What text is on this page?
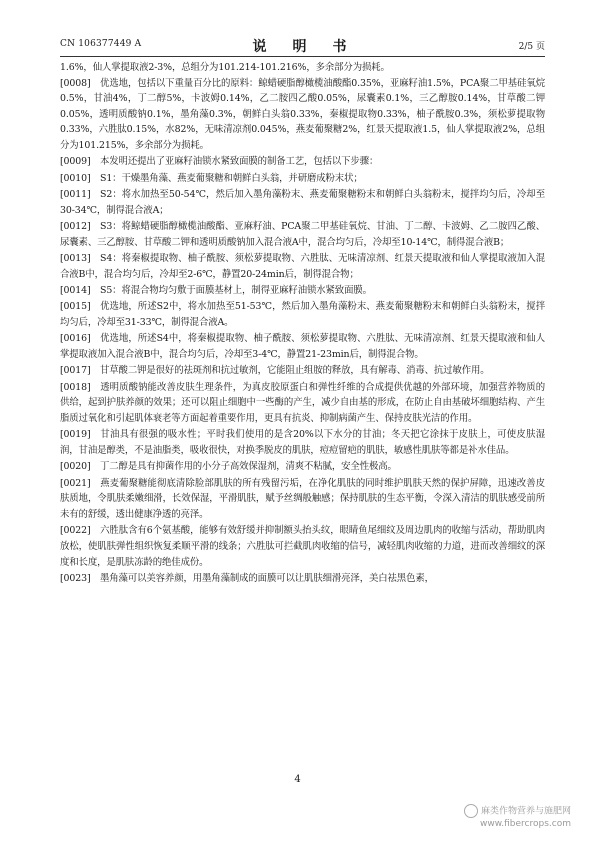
CN 106377449 A	说　明　书	2/5 页

1.6%，仙人掌提取液2-3%，总组分为101.214-101.216%，多余部分为损耗。

[0008] 优选地，包括以下重量百分比的原料：鲸蜡硬脂醇橄榄油酸酯0.35%，亚麻籽油1.5%，PCA聚二甲基硅氧烷0.5%，甘油4%，丁二醇5%，卡波姆0.14%，乙二胺四乙酸0.05%，尿囊素0.1%，三乙醇胺0.14%，甘草酸二钾0.05%，透明质酸钠0.1%，墨角藻0.3%，朝鲜白头翁0.33%，秦椒提取物0.33%，柚子酰胺0.3%，须松萝提取物0.33%，六胜肽0.15%，水82%，无味清凉剂0.045%，燕麦葡聚糖2%，红景天提取液1.5，仙人掌提取液2%，总组分为101.215%，多余部分为损耗。

[0009] 本发明还提出了亚麻籽油锁水紧致面膜的制备工艺，包括以下步骤：

[0010] S1：干燥墨角藻、燕麦葡聚糖和朝鲜白头翁，并研磨成粉末状；

[0011] S2：将水加热至50-54℃，然后加入墨角藻粉末、燕麦葡聚糖粉末和朝鲜白头翁粉末，搅拌均匀后，冷却至30-34℃，制得混合液A；

[0012] S3：将鲸蜡硬脂醇橄榄油酸酯、亚麻籽油、PCA聚二甲基硅氧烷、甘油、丁二醇、卡波姆、乙二胺四乙酸、尿囊素、三乙醇胺、甘草酸二钾和透明质酸钠加入混合液A中，混合均匀后，冷却至10-14℃，制得混合液B；

[0013] S4：将秦椒提取物、柚子酰胺、须松萝提取物、六胜肽、无味清凉剂、红景天提取液和仙人掌提取液加入混合液B中，混合均匀后，冷却至2-6℃，静置20-24min后，制得混合物；

[0014] S5：将混合物均匀敷于面膜基材上，制得亚麻籽油锁水紧致面膜。

[0015] 优选地，所述S2中，将水加热至51-53℃，然后加入墨角藻粉末、燕麦葡聚糖粉末和朝鲜白头翁粉末，搅拌均匀后，冷却至31-33℃，制得混合液A。

[0016] 优选地，所述S4中，将秦椒提取物、柚子酰胺、须松萝提取物、六胜肽、无味清凉剂、红景天提取液和仙人掌提取液加入混合液B中，混合均匀后，冷却至3-4℃，静置21-23min后，制得混合物。

[0017] 甘草酸二钾是很好的祛斑剂和抗过敏剂，它能阻止组胺的释放，具有解毒、消毒、抗过敏作用。

[0018] 透明质酸钠能改善皮肤生理条件，为真皮胶原蛋白和弹性纤维的合成提供优越的外部环境，加强营养物质的供给，起到护肤养颜的效果；还可以阻止细胞中一些酶的产生，减少自由基的形成，在防止自由基破坏细胞结构、产生脂质过氧化和引起肌体衰老等方面起着重要作用，更具有抗炎、抑制病菌产生、保持皮肤光洁的作用。

[0019] 甘油具有很强的吸水性；平时我们使用的是含20%以下水分的甘油；冬天把它涂抹于皮肤上，可使皮肤湿润，甘油是醇类，不是油脂类，吸收很快，对换季脱皮的肌肤，痘痘留疤的肌肤，敏感性肌肤等都是补水佳品。

[0020] 丁二醇是具有抑菌作用的小分子高效保湿剂，清爽不粘腻，安全性极高。

[0021] 燕麦葡聚糖能彻底清除脸部肌肤的所有残留污垢，在净化肌肤的同时维护肌肤天然的保护屏障，迅速改善皮肤质地，令肌肤柔嫩细滑，长效保湿，平滑肌肤，赋予丝绸般触感；保持肌肤的生态平衡，令深入清洁的肌肤感受前所未有的舒缓，透出健康净透的亮泽。

[0022] 六胜肽含有6个氨基酸，能够有效舒缓并抑制额头抬头纹，眼睛鱼尾细纹及周边肌肉的收缩与活动，帮助肌肉放松，使肌肤弹性组织恢复柔顺平滑的线条；六胜肽可拦截肌肉收缩的信号，减轻肌肉收缩的力道，进而改善细纹的深度和长度，是肌肤冻龄的绝佳成份。

[0023] 墨角藻可以美容养颜，用墨角藻制成的面膜可以让肌肤细滑亮泽，美白祛黑色素，

4
麻类作物营养与施肥网
www.fibercrops.com
